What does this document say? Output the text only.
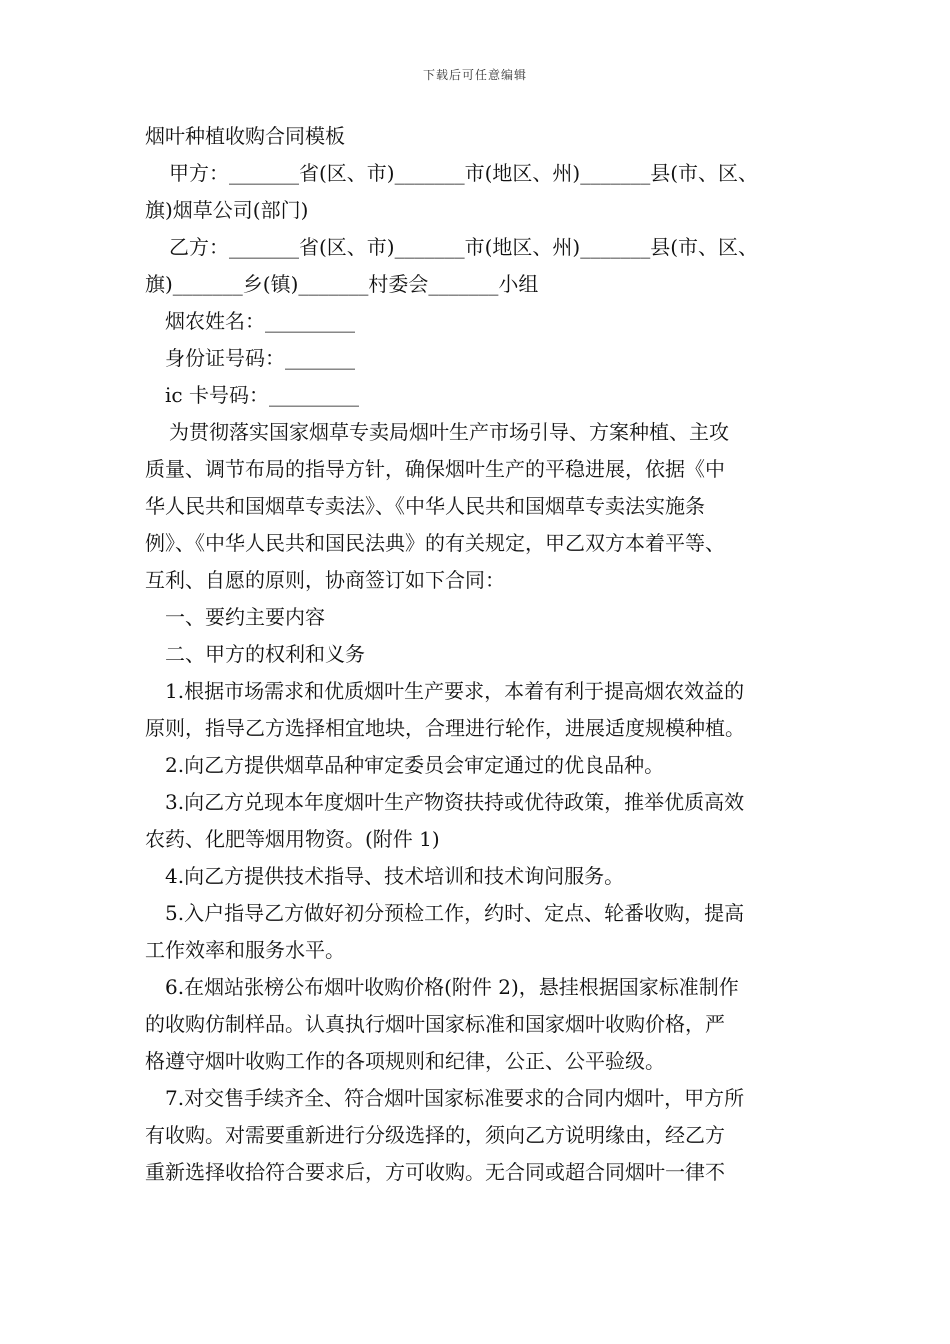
下载后可任意编辑
烟叶种植收购合同模板
甲方：_______省(区、市)_______市(地区、州)_______县(市、区、
旗)烟草公司(部门)
乙方：_______省(区、市)_______市(地区、州)_______县(市、区、
旗)_______乡(镇)_______村委会_______小组
烟农姓名：_________
身份证号码：_______
ic 卡号码：_________
为贯彻落实国家烟草专卖局烟叶生产市场引导、方案种植、主攻
质量、调节布局的指导方针，确保烟叶生产的平稳进展，依据《中
华人民共和国烟草专卖法》、《中华人民共和国烟草专卖法实施条
例》、《中华人民共和国民法典》的有关规定，甲乙双方本着平等、
互利、自愿的原则，协商签订如下合同：
一、要约主要内容
二、甲方的权利和义务
1.根据市场需求和优质烟叶生产要求，本着有利于提高烟农效益的
原则，指导乙方选择相宜地块，合理进行轮作，进展适度规模种植。
2.向乙方提供烟草品种审定委员会审定通过的优良品种。
3.向乙方兑现本年度烟叶生产物资扶持或优待政策，推举优质高效
农药、化肥等烟用物资。(附件 1)
4.向乙方提供技术指导、技术培训和技术询问服务。
5.入户指导乙方做好初分预检工作，约时、定点、轮番收购，提高
工作效率和服务水平。
6.在烟站张榜公布烟叶收购价格(附件 2)，悬挂根据国家标准制作
的收购仿制样品。认真执行烟叶国家标准和国家烟叶收购价格，严
格遵守烟叶收购工作的各项规则和纪律，公正、公平验级。
7.对交售手续齐全、符合烟叶国家标准要求的合同内烟叶，甲方所
有收购。对需要重新进行分级选择的，须向乙方说明缘由，经乙方
重新选择收拾符合要求后，方可收购。无合同或超合同烟叶一律不
